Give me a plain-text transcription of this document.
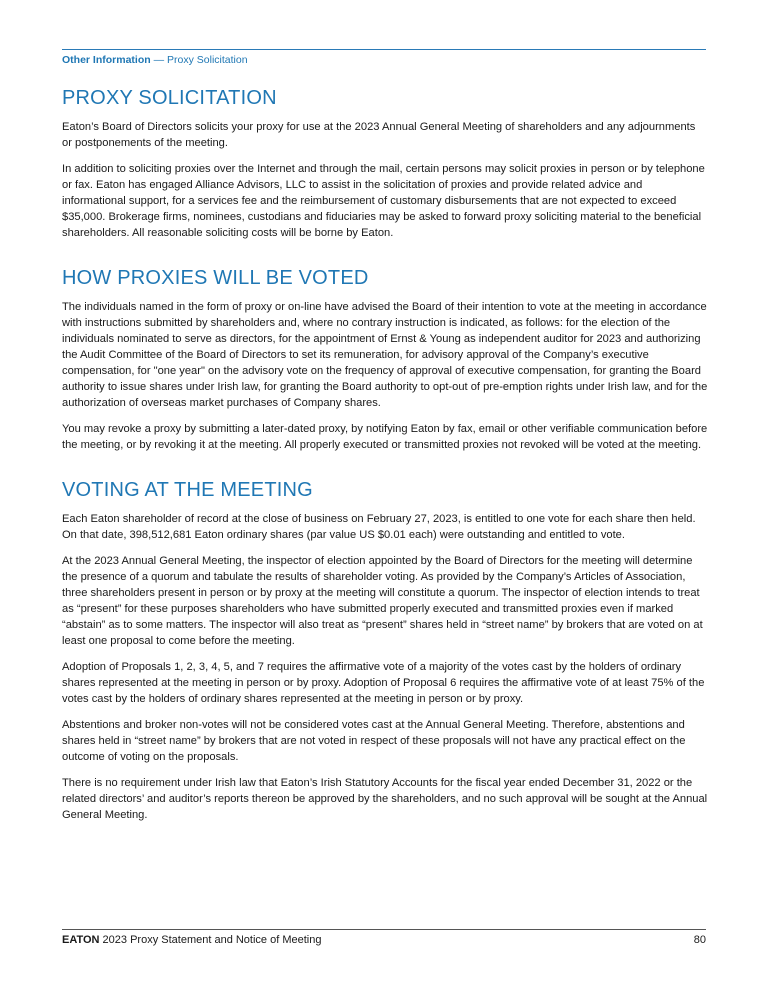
Other Information — Proxy Solicitation
PROXY SOLICITATION

Eaton’s Board of Directors solicits your proxy for use at the 2023 Annual General Meeting of shareholders and any adjournments or postponements of the meeting.

In addition to soliciting proxies over the Internet and through the mail, certain persons may solicit proxies in person or by telephone or fax. Eaton has engaged Alliance Advisors, LLC to assist in the solicitation of proxies and provide related advice and informational support, for a services fee and the reimbursement of customary disbursements that are not expected to exceed $35,000. Brokerage firms, nominees, custodians and fiduciaries may be asked to forward proxy soliciting material to the beneficial shareholders. All reasonable soliciting costs will be borne by Eaton.

HOW PROXIES WILL BE VOTED

The individuals named in the form of proxy or on-line have advised the Board of their intention to vote at the meeting in accordance with instructions submitted by shareholders and, where no contrary instruction is indicated, as follows: for the election of the individuals nominated to serve as directors, for the appointment of Ernst & Young as independent auditor for 2023 and authorizing the Audit Committee of the Board of Directors to set its remuneration, for advisory approval of the Company’s executive compensation, for "one year" on the advisory vote on the frequency of approval of executive compensation, for granting the Board authority to issue shares under Irish law, for granting the Board authority to opt-out of pre-emption rights under Irish law, and for the authorization of overseas market purchases of Company shares.

You may revoke a proxy by submitting a later-dated proxy, by notifying Eaton by fax, email or other verifiable communication before the meeting, or by revoking it at the meeting. All properly executed or transmitted proxies not revoked will be voted at the meeting.

VOTING AT THE MEETING

Each Eaton shareholder of record at the close of business on February 27, 2023, is entitled to one vote for each share then held. On that date, 398,512,681 Eaton ordinary shares (par value US $0.01 each) were outstanding and entitled to vote.

At the 2023 Annual General Meeting, the inspector of election appointed by the Board of Directors for the meeting will determine the presence of a quorum and tabulate the results of shareholder voting. As provided by the Company’s Articles of Association, three shareholders present in person or by proxy at the meeting will constitute a quorum. The inspector of election intends to treat as “present” for these purposes shareholders who have submitted properly executed and transmitted proxies even if marked “abstain” as to some matters. The inspector will also treat as “present” shares held in “street name” by brokers that are voted on at least one proposal to come before the meeting.

Adoption of Proposals 1, 2, 3, 4, 5, and 7 requires the affirmative vote of a majority of the votes cast by the holders of ordinary shares represented at the meeting in person or by proxy. Adoption of Proposal 6 requires the affirmative vote of at least 75% of the votes cast by the holders of ordinary shares represented at the meeting in person or by proxy.

Abstentions and broker non-votes will not be considered votes cast at the Annual General Meeting. Therefore, abstentions and shares held in “street name” by brokers that are not voted in respect of these proposals will not have any practical effect on the outcome of voting on the proposals.

There is no requirement under Irish law that Eaton’s Irish Statutory Accounts for the fiscal year ended December 31, 2022 or the related directors’ and auditor’s reports thereon be approved by the shareholders, and no such approval will be sought at the Annual General Meeting.

EATON 2023 Proxy Statement and Notice of Meeting	80
